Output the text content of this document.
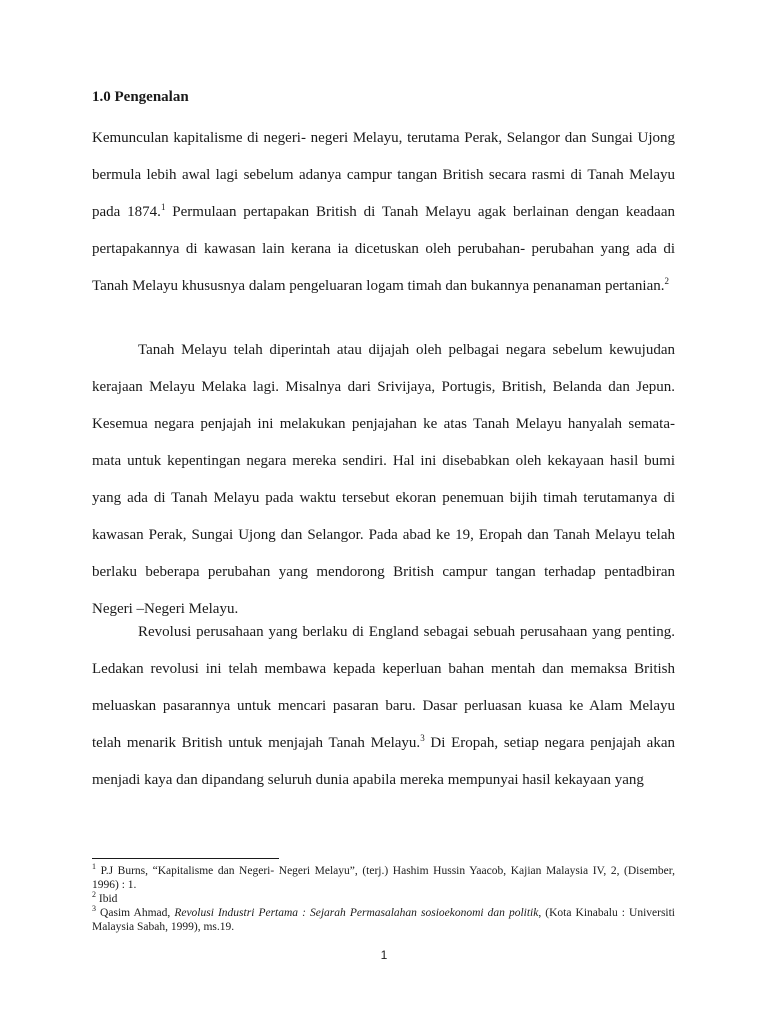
1.0 Pengenalan

Kemunculan kapitalisme di negeri- negeri Melayu, terutama Perak, Selangor dan Sungai Ujong bermula lebih awal lagi sebelum adanya campur tangan British secara rasmi di Tanah Melayu pada 1874.$^1$ Permulaan pertapakan British di Tanah Melayu agak berlainan dengan keadaan pertapakannya di kawasan lain kerana ia dicetuskan oleh perubahan- perubahan yang ada di Tanah Melayu khususnya dalam pengeluaran logam timah dan bukannya penanaman pertanian.$^2$

Tanah Melayu telah diperintah atau dijajah oleh pelbagai negara sebelum kewujudan kerajaan Melayu Melaka lagi. Misalnya dari Srivijaya, Portugis, British, Belanda dan Jepun. Kesemua negara penjajah ini melakukan penjajahan ke atas Tanah Melayu hanyalah semata-mata untuk kepentingan negara mereka sendiri. Hal ini disebabkan oleh kekayaan hasil bumi yang ada di Tanah Melayu pada waktu tersebut ekoran penemuan bijih timah terutamanya di kawasan Perak, Sungai Ujong dan Selangor. Pada abad ke 19, Eropah dan Tanah Melayu telah berlaku beberapa perubahan yang mendorong British campur tangan terhadap pentadbiran Negeri –Negeri Melayu.

Revolusi perusahaan yang berlaku di England sebagai sebuah perusahaan yang penting. Ledakan revolusi ini telah membawa kepada keperluan bahan mentah dan memaksa British meluaskan pasarannya untuk mencari pasaran baru. Dasar perluasan kuasa ke Alam Melayu telah menarik British untuk menjajah Tanah Melayu.$^3$ Di Eropah, setiap negara penjajah akan menjadi kaya dan dipandang seluruh dunia apabila mereka mempunyai hasil kekayaan yang

$^1$ P.J Burns, “Kapitalisme dan Negeri- Negeri Melayu”, (terj.) Hashim Hussin Yaacob, Kajian Malaysia IV, 2, (Disember, 1996) : 1.
$^2$ Ibid
$^3$ Qasim Ahmad, Revolusi Industri Pertama : Sejarah Permasalahan sosioekonomi dan politik, (Kota Kinabalu : Universiti Malaysia Sabah, 1999), ms.19.
1
